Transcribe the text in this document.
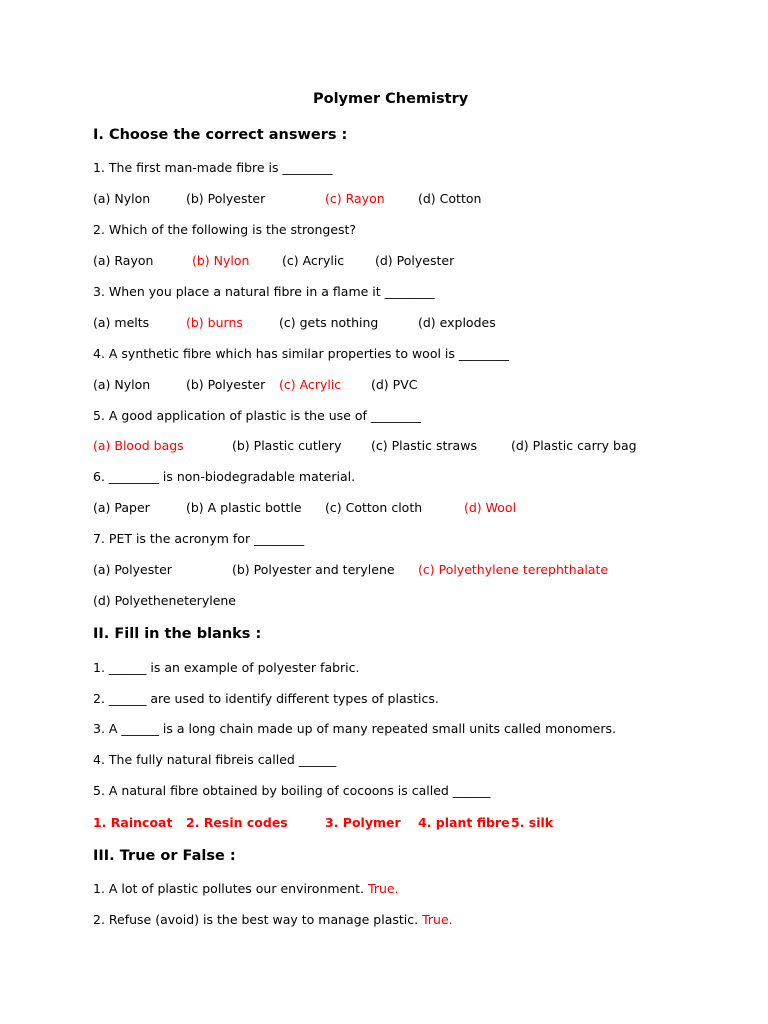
Polymer Chemistry
I. Choose the correct answers :
1. The first man-made fibre is ________
(a) Nylon	(b) Polyester	(c) Rayon	(d) Cotton
2. Which of the following is the strongest?
(a) Rayon	(b) Nylon	(c) Acrylic (d) Polyester
3. When you place a natural fibre in a flame it ________
(a) melts	(b) burns	(c) gets nothing	(d) explodes
4. A synthetic fibre which has similar properties to wool is ________
(a) Nylon	(b) Polyester (c) Acrylic (d) PVC
5. A good application of plastic is the use of ________
(a) Blood bags	(b) Plastic cutlery (c) Plastic straws	(d) Plastic carry bag
6. ________ is non-biodegradable material.
(a) Paper	(b) A plastic bottle (c) Cotton cloth	(d) Wool
7. PET is the acronym for ________
(a) Polyester	(b) Polyester and terylene (c) Polyethylene terephthalate
(d) Polyetheneterylene
II. Fill in the blanks :
1. ______ is an example of polyester fabric.
2. ______ are used to identify different types of plastics.
3. A ______ is a long chain made up of many repeated small units called monomers.
4. The fully natural fibreis called ______
5. A natural fibre obtained by boiling of cocoons is called ______
1. Raincoat 2. Resin codes	3. Polymer 4. plant fibre 5. silk
III. True or False :
1. A lot of plastic pollutes our environment. True.
2. Refuse (avoid) is the best way to manage plastic. True.
